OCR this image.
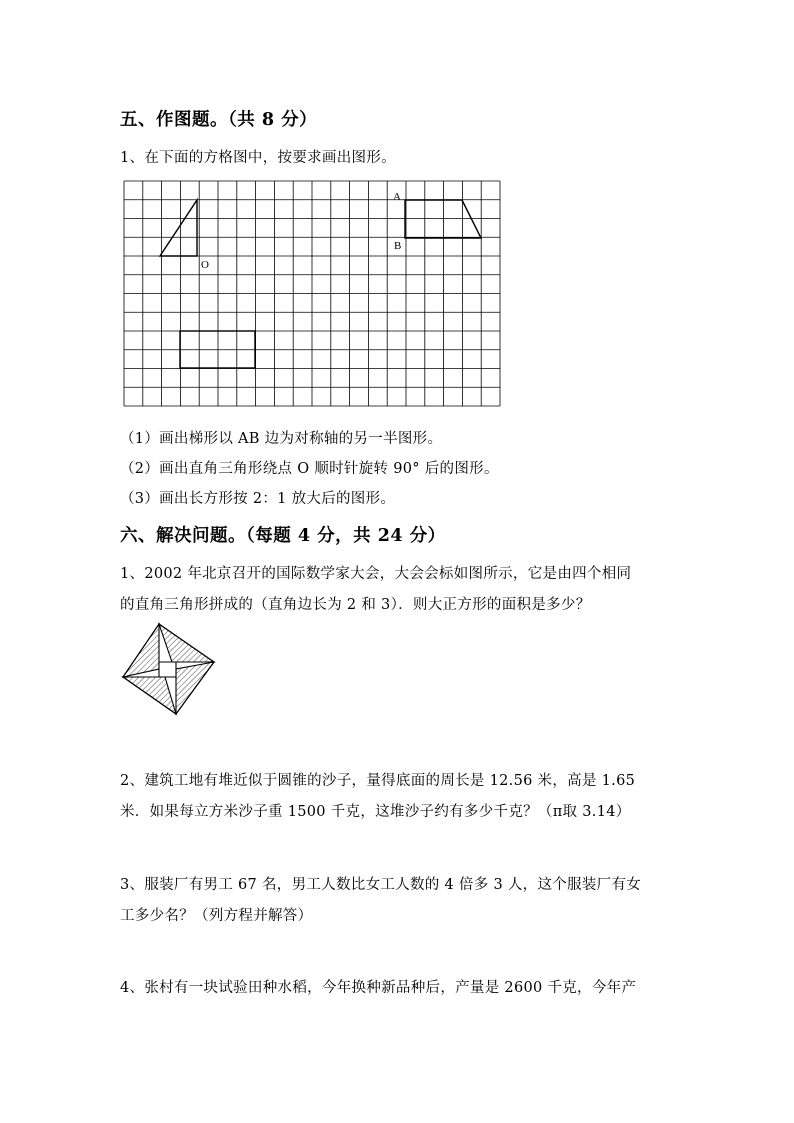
五、作图题。（共 8 分）
1、在下面的方格图中，按要求画出图形。
A
B
O
（1）画出梯形以 AB 边为对称轴的另一半图形。
（2）画出直角三角形绕点 O 顺时针旋转 90° 后的图形。
（3）画出长方形按 2：1 放大后的图形。
六、解决问题。（每题 4 分，共 24 分）
1、2002 年北京召开的国际数学家大会，大会会标如图所示，它是由四个相同
的直角三角形拼成的（直角边长为 2 和 3）．则大正方形的面积是多少？
2、建筑工地有堆近似于圆锥的沙子，量得底面的周长是 12.56 米，高是 1.65
米．如果每立方米沙子重 1500 千克，这堆沙子约有多少千克？（π取 3.14）
3、服装厂有男工 67 名，男工人数比女工人数的 4 倍多 3 人，这个服装厂有女
工多少名？（列方程并解答）
4、张村有一块试验田种水稻，今年换种新品种后，产量是 2600 千克，今年产
